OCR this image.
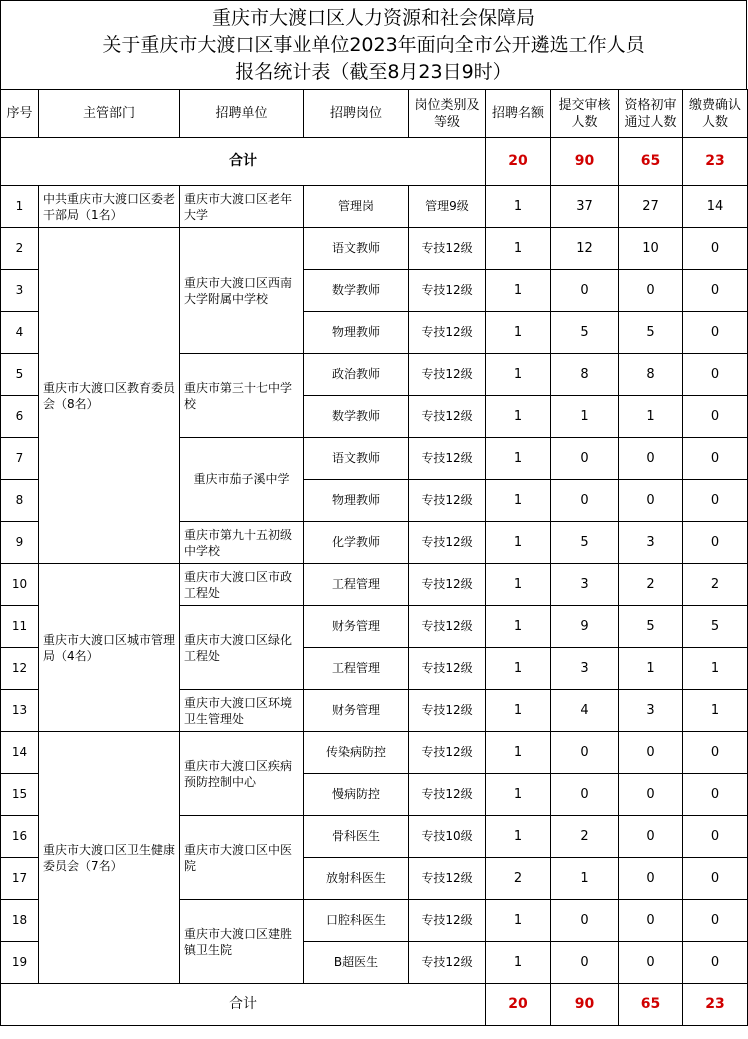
重庆市大渡口区人力资源和社会保障局
关于重庆市大渡口区事业单位2023年面向全市公开遴选工作人员
报名统计表（截至8月23日9时）
序号	主管部门	招聘单位	招聘岗位	岗位类别及等级	招聘名额	提交审核人数	资格初审通过人数	缴费确认人数
合计					20	90	65	23
1	中共重庆市大渡口区委老干部局（1名）	重庆市大渡口区老年大学	管理岗	管理9级	1	37	27	14
2	重庆市大渡口区教育委员会（8名）	重庆市大渡口区西南大学附属中学校	语文教师	专技12级	1	12	10	0
3			数学教师	专技12级	1	0	0	0
4			物理教师	专技12级	1	5	5	0
5		重庆市第三十七中学校	政治教师	专技12级	1	8	8	0
6			数学教师	专技12级	1	1	1	0
7		重庆市茄子溪中学	语文教师	专技12级	1	0	0	0
8			物理教师	专技12级	1	0	0	0
9		重庆市第九十五初级中学校	化学教师	专技12级	1	5	3	0
10	重庆市大渡口区城市管理局（4名）	重庆市大渡口区市政工程处	工程管理	专技12级	1	3	2	2
11		重庆市大渡口区绿化工程处	财务管理	专技12级	1	9	5	5
12			工程管理	专技12级	1	3	1	1
13		重庆市大渡口区环境卫生管理处	财务管理	专技12级	1	4	3	1
14	重庆市大渡口区卫生健康委员会（7名）	重庆市大渡口区疾病预防控制中心	传染病防控	专技12级	1	0	0	0
15			慢病防控	专技12级	1	0	0	0
16		重庆市大渡口区中医院	骨科医生	专技10级	1	2	0	0
17			放射科医生	专技12级	2	1	0	0
18		重庆市大渡口区建胜镇卫生院	口腔科医生	专技12级	1	0	0	0
19			B超医生	专技12级	1	0	0	0
合计					20	90	65	23
